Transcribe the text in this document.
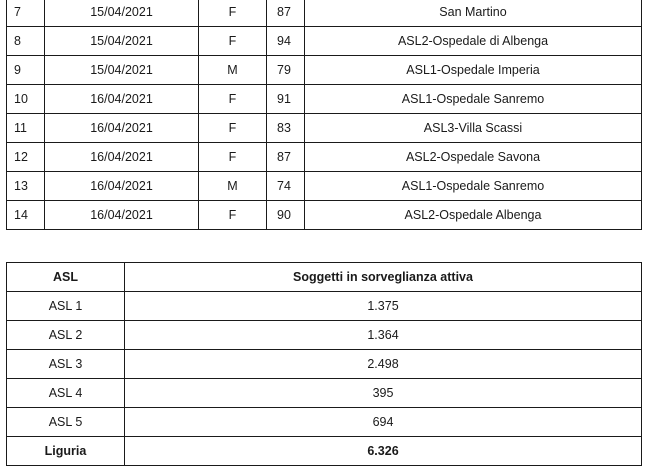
7	15/04/2021	F	87	San Martino
8	15/04/2021	F	94	ASL2-Ospedale di Albenga
9	15/04/2021	M	79	ASL1-Ospedale Imperia
10	16/04/2021	F	91	ASL1-Ospedale Sanremo
11	16/04/2021	F	83	ASL3-Villa Scassi
12	16/04/2021	F	87	ASL2-Ospedale Savona
13	16/04/2021	M	74	ASL1-Ospedale Sanremo
14	16/04/2021	F	90	ASL2-Ospedale Albenga
ASL	Soggetti in sorveglianza attiva
ASL 1	1.375
ASL 2	1.364
ASL 3	2.498
ASL 4	395
ASL 5	694
Liguria	6.326
